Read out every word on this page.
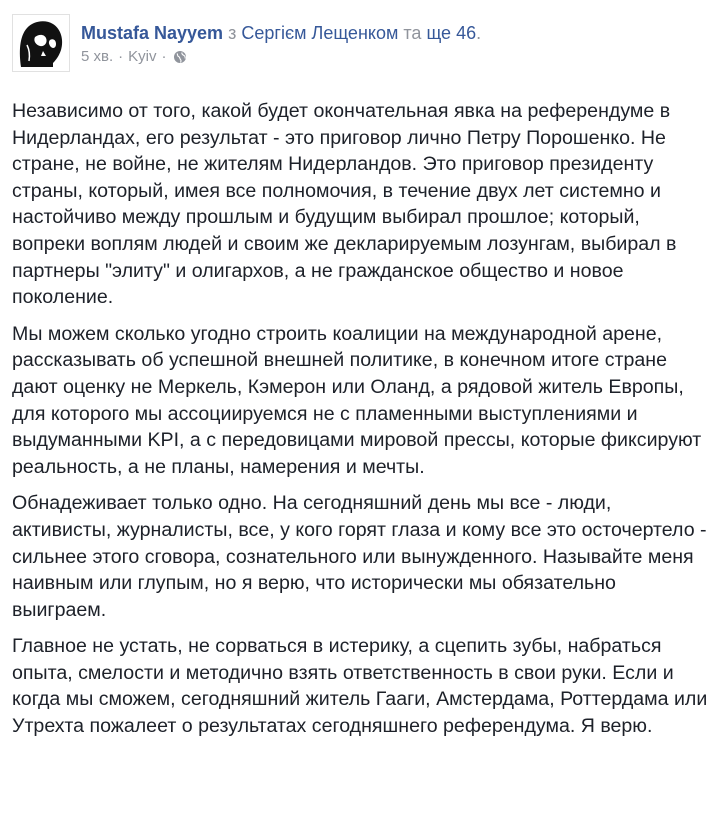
Mustafa Nayyem з Сергієм Лещенком та ще 46.
5 хв. · Kyiv ·

Независимо от того, какой будет окончательная явка на референдуме в Нидерландах, его результат - это приговор лично Петру Порошенко. Не стране, не войне, не жителям Нидерландов. Это приговор президенту страны, который, имея все полномочия, в течение двух лет системно и настойчиво между прошлым и будущим выбирал прошлое; который, вопреки воплям людей и своим же декларируемым лозунгам, выбирал в партнеры "элиту" и олигархов, а не гражданское общество и новое поколение.

Мы можем сколько угодно строить коалиции на международной арене, рассказывать об успешной внешней политике, в конечном итоге стране дают оценку не Меркель, Кэмерон или Оланд, а рядовой житель Европы, для которого мы ассоциируемся не с пламенными выступлениями и выдуманными KPI, а с передовицами мировой прессы, которые фиксируют реальность, а не планы, намерения и мечты.

Обнадеживает только одно. На сегодняшний день мы все - люди, активисты, журналисты, все, у кого горят глаза и кому все это осточертело - сильнее этого сговора, сознательного или вынужденного. Называйте меня наивным или глупым, но я верю, что исторически мы обязательно выиграем.

Главное не устать, не сорваться в истерику, а сцепить зубы, набраться опыта, смелости и методично взять ответственность в свои руки. Если и когда мы сможем, сегодняшний житель Гааги, Амстердама, Роттердама или Утрехта пожалеет о результатах сегодняшнего референдума. Я верю.
